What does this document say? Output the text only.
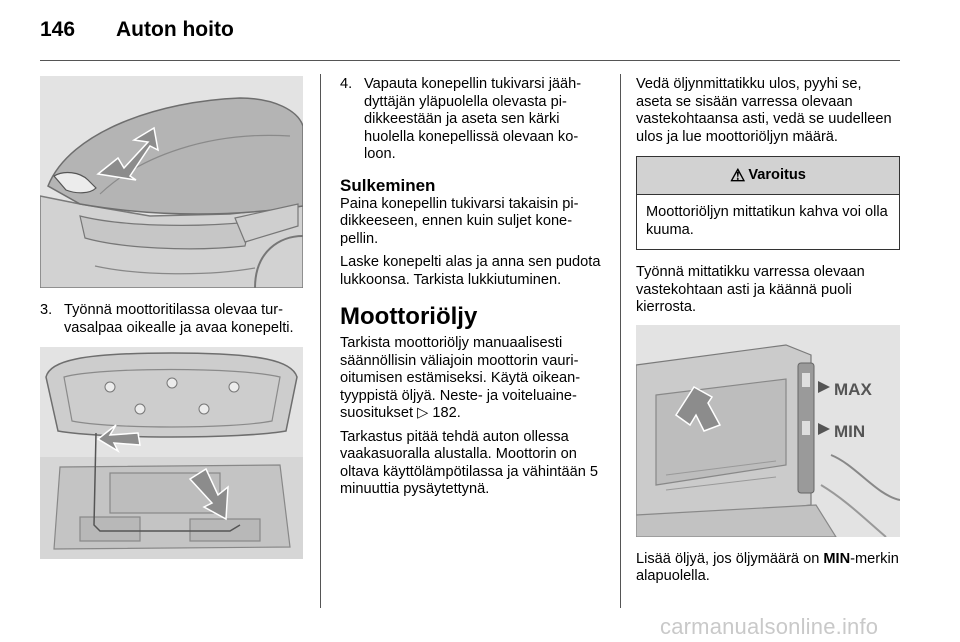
146 Auton hoito
3. Työnnä moottoritilassa olevaa turvasalpaa oikealle ja avaa konepelti.
4. Vapauta konepellin tukivarsi jäähdyttäjän yläpuolella olevasta pidikkeestään ja aseta sen kärki huolella konepellissä olevaan koloon.
Sulkeminen

Paina konepellin tukivarsi takaisin pidikkeeseen, ennen kuin suljet konepellin.

Laske konepelti alas ja anna sen pudota lukkoonsa. Tarkista lukkiutuminen.

Moottoriöljy

Tarkista moottoriöljy manuaalisesti säännöllisin väliajoin moottorin vaurioitumisen estämiseksi. Käytä oikeantyyppistä öljyä. Neste- ja voiteluainesuositukset ▷ 182.

Tarkastus pitää tehdä auton ollessa vaakasuoralla alustalla. Moottorin on oltava käyttölämpötilassa ja vähintään 5 minuuttia pysäytettynä.

Vedä öljynmittatikku ulos, pyyhi se, aseta se sisään varressa olevaan vastekohtaansa asti, vedä se uudelleen ulos ja lue moottoriöljyn määrä.

⚠ Varoitus
Moottoriöljyn mittatikun kahva voi olla kuuma.

Työnnä mittatikku varressa olevaan vastekohtaan asti ja käännä puoli kierrosta.

MAX
MIN

Lisää öljyä, jos öljymäärä on MIN-merkin alapuolella.

carmanualsonline.info
